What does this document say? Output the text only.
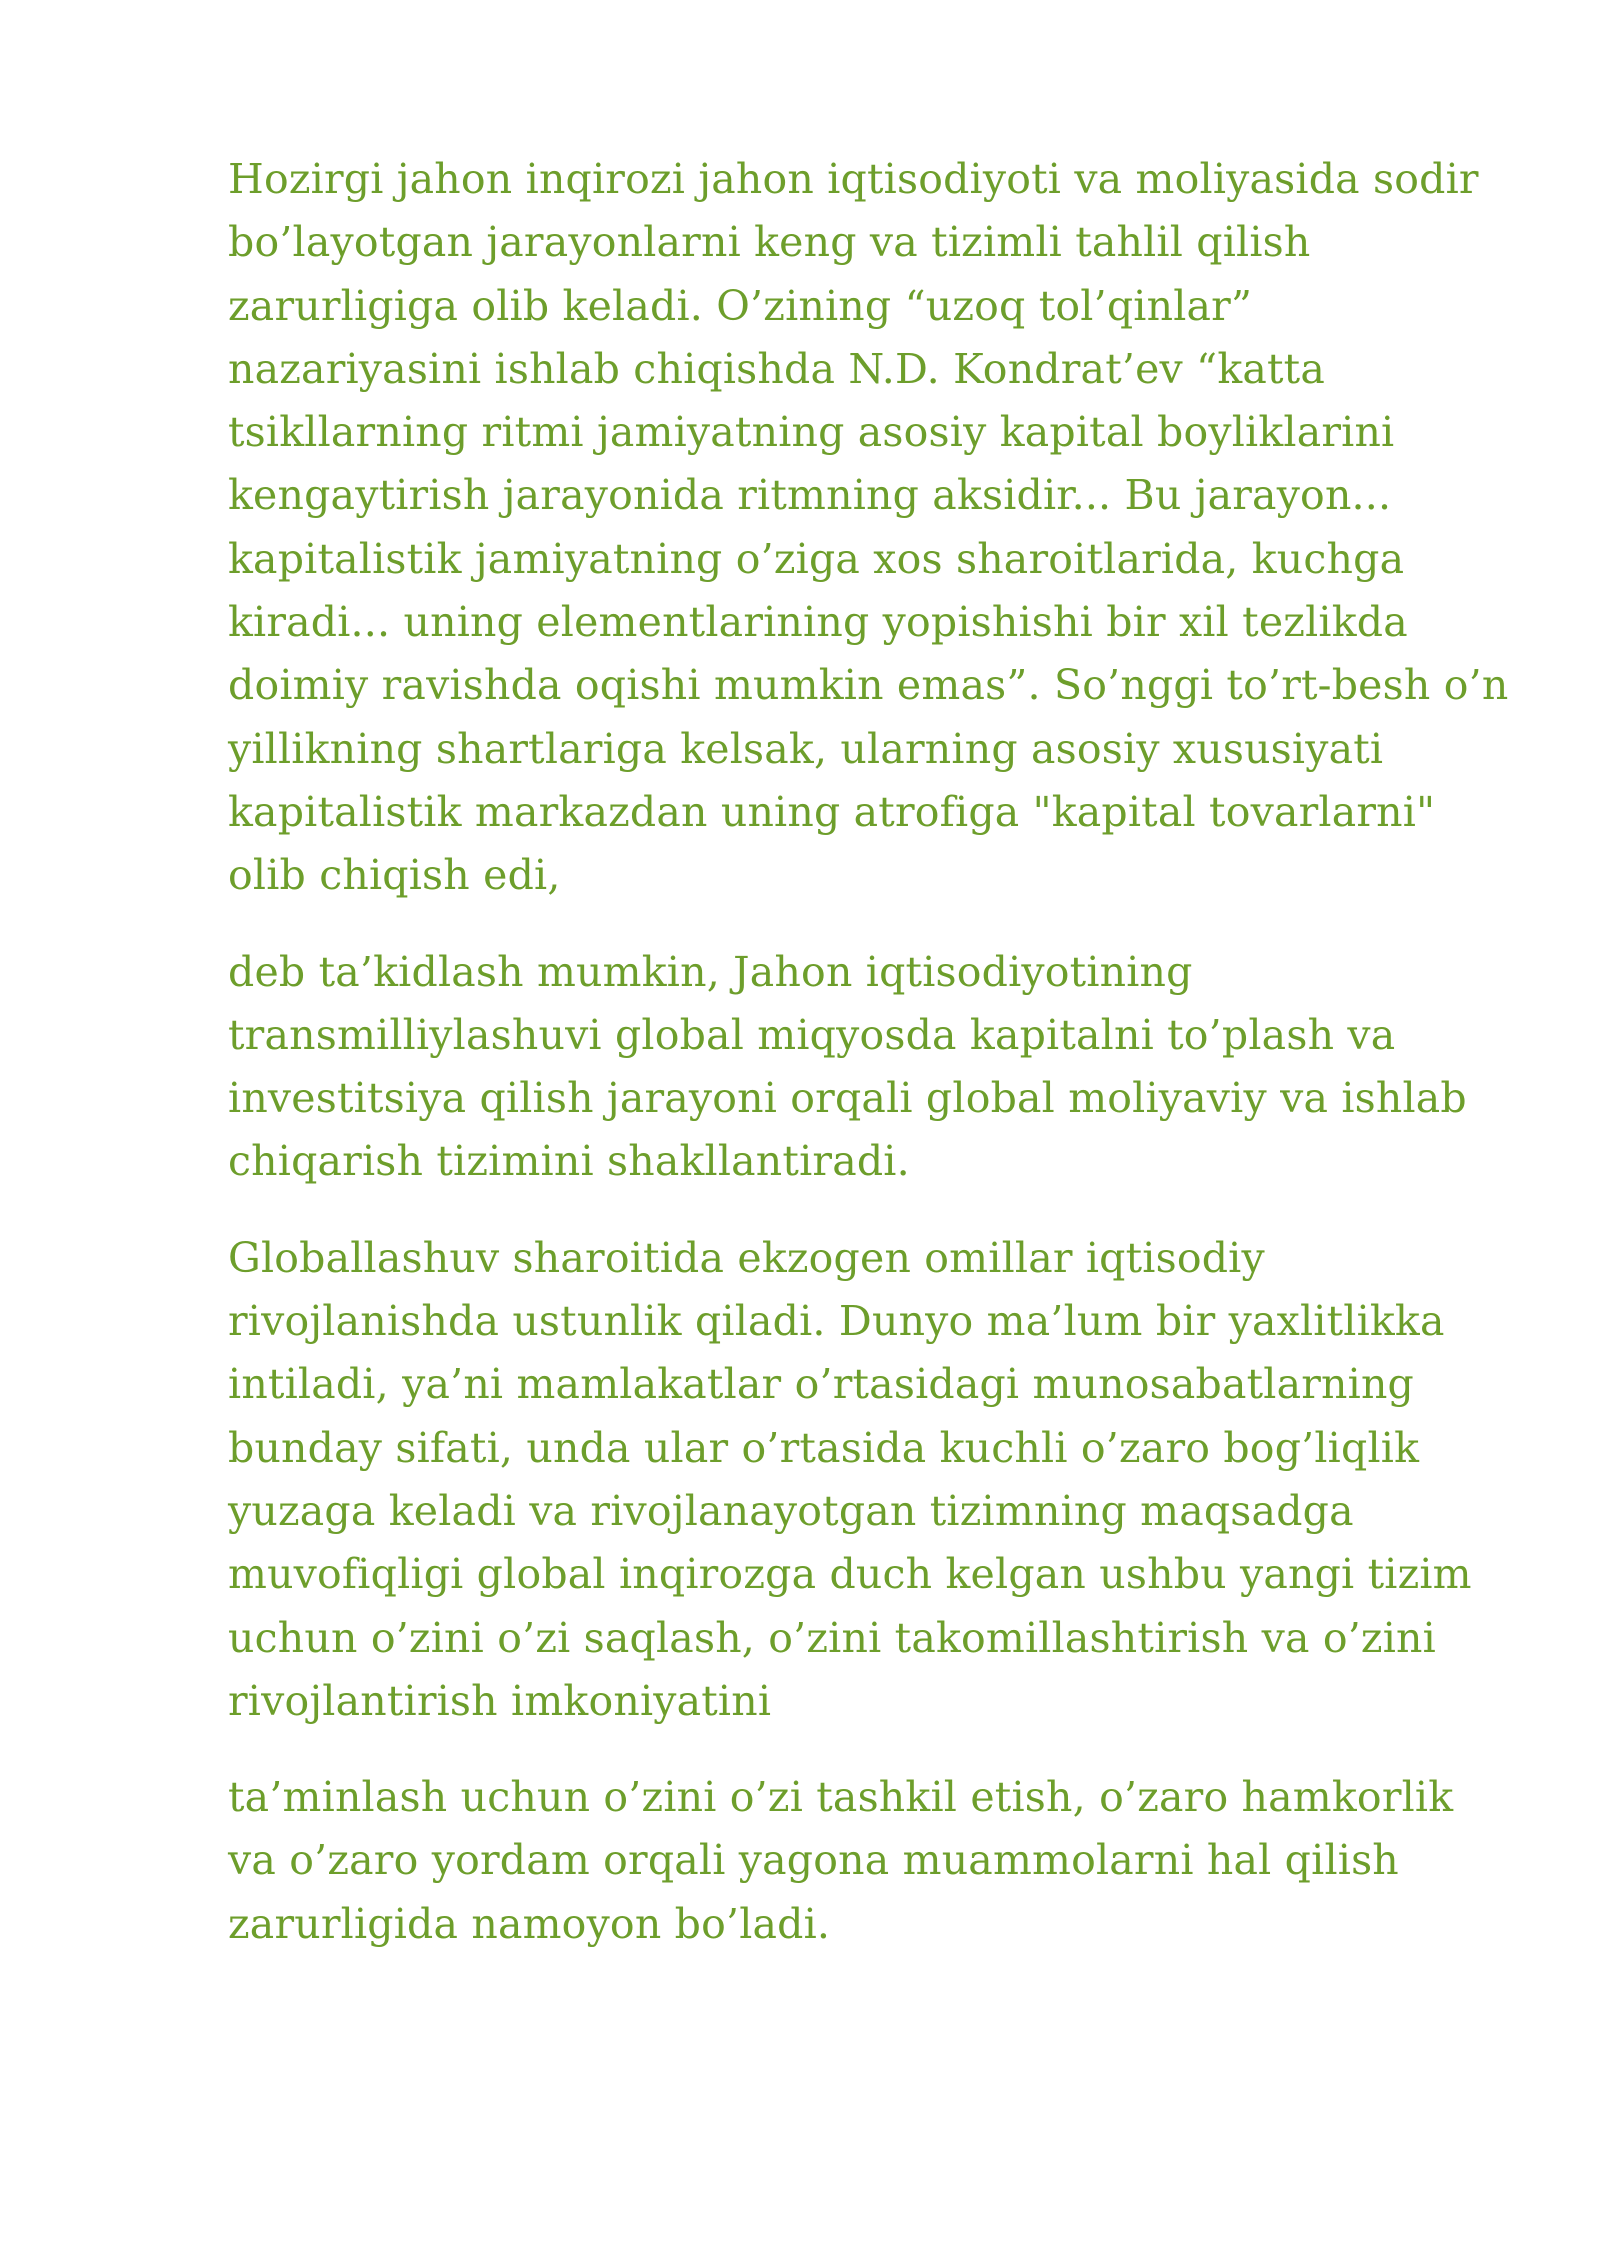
Hozirgi jahon inqirozi jahon iqtisodiyoti va moliyasida sodir
bo’layotgan jarayonlarni keng va tizimli tahlil qilish
zarurligiga olib keladi. O’zining “uzoq tol’qinlar”
nazariyasini ishlab chiqishda N.D. Kondrat’ev “katta
tsikllarning ritmi jamiyatning asosiy kapital boyliklarini
kengaytirish jarayonida ritmning aksidir... Bu jarayon...
kapitalistik jamiyatning o’ziga xos sharoitlarida, kuchga
kiradi... uning elementlarining yopishishi bir xil tezlikda
doimiy ravishda oqishi mumkin emas”. So’nggi to’rt-besh o’n
yillikning shartlariga kelsak, ularning asosiy xususiyati
kapitalistik markazdan uning atrofiga "kapital tovarlarni"
olib chiqish edi,

deb ta’kidlash mumkin, Jahon iqtisodiyotining
transmilliylashuvi global miqyosda kapitalni to’plash va
investitsiya qilish jarayoni orqali global moliyaviy va ishlab
chiqarish tizimini shakllantiradi.

Globallashuv sharoitida ekzogen omillar iqtisodiy
rivojlanishda ustunlik qiladi. Dunyo ma’lum bir yaxlitlikka
intiladi, ya’ni mamlakatlar o’rtasidagi munosabatlarning
bunday sifati, unda ular o’rtasida kuchli o’zaro bog’liqlik
yuzaga keladi va rivojlanayotgan tizimning maqsadga
muvofiqligi global inqirozga duch kelgan ushbu yangi tizim
uchun o’zini o’zi saqlash, o’zini takomillashtirish va o’zini
rivojlantirish imkoniyatini

ta’minlash uchun o’zini o’zi tashkil etish, o’zaro hamkorlik
va o’zaro yordam orqali yagona muammolarni hal qilish
zarurligida namoyon bo’ladi.
